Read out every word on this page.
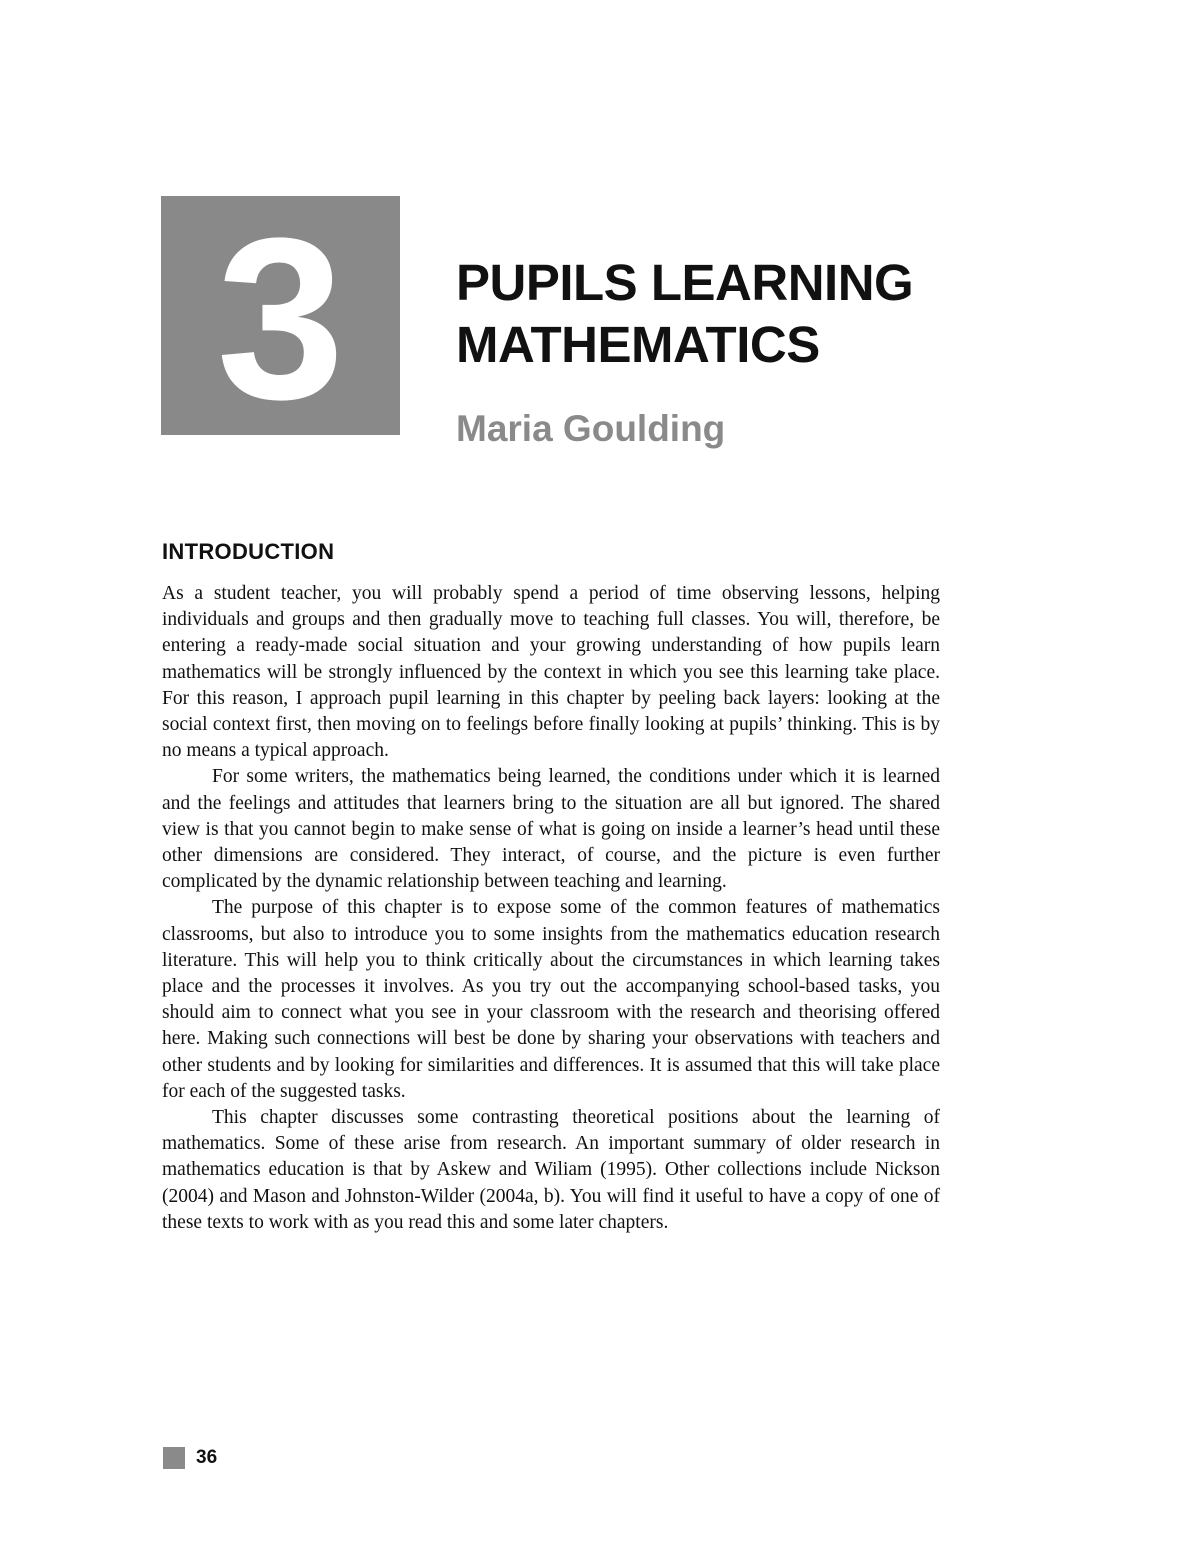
3 PUPILS LEARNING
MATHEMATICS
Maria Goulding
INTRODUCTION

As a student teacher, you will probably spend a period of time observing lessons, helping individuals and groups and then gradually move to teaching full classes. You will, therefore, be entering a ready-made social situation and your growing understanding of how pupils learn mathematics will be strongly influenced by the context in which you see this learning take place. For this reason, I approach pupil learning in this chapter by peeling back layers: looking at the social context first, then moving on to feelings before finally looking at pupils’ thinking. This is by no means a typical approach.

For some writers, the mathematics being learned, the conditions under which it is learned and the feelings and attitudes that learners bring to the situation are all but ignored. The shared view is that you cannot begin to make sense of what is going on inside a learner’s head until these other dimensions are considered. They interact, of course, and the picture is even further complicated by the dynamic relationship between teaching and learning.

The purpose of this chapter is to expose some of the common features of mathematics classrooms, but also to introduce you to some insights from the mathematics education research literature. This will help you to think critically about the circumstances in which learning takes place and the processes it involves. As you try out the accompanying school-based tasks, you should aim to connect what you see in your classroom with the research and theorising offered here. Making such connections will best be done by sharing your observations with teachers and other students and by looking for similarities and differences. It is assumed that this will take place for each of the suggested tasks.

This chapter discusses some contrasting theoretical positions about the learning of mathematics. Some of these arise from research. An important summary of older research in mathematics education is that by Askew and Wiliam (1995). Other collections include Nickson (2004) and Mason and Johnston-Wilder (2004a, b). You will find it useful to have a copy of one of these texts to work with as you read this and some later chapters.

36
